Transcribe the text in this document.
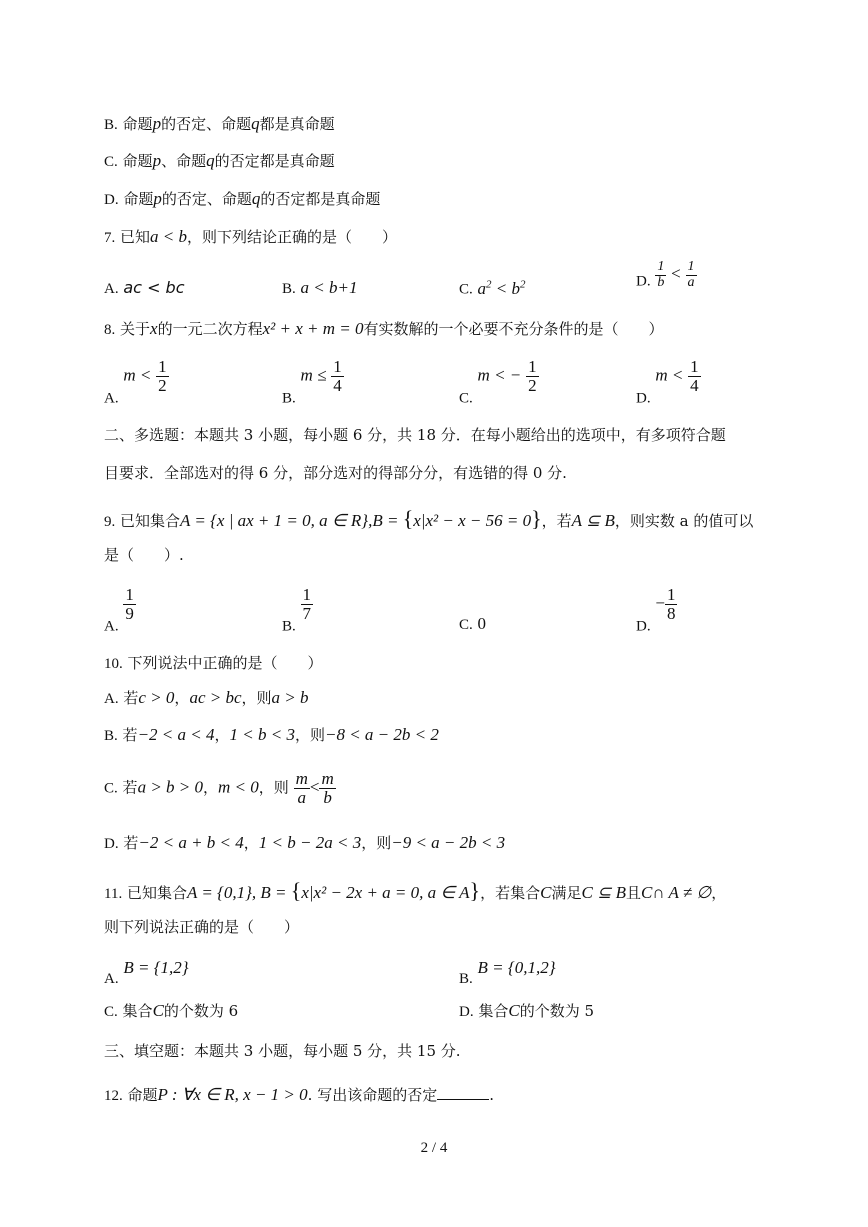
B. 命题p的否定、命题q都是真命题
C. 命题p、命题q的否定都是真命题
D. 命题p的否定、命题q的否定都是真命题
7. 已知a < b，则下列结论正确的是（　　）
A. ac < bc	B. a < b+1	C. $a^2 < b^2$	D. $\frac{1}{b} < \frac{1}{a}$
8. 关于x的一元二次方程x² + x + m = 0有实数解的一个必要不充分条件的是（　　）
A. $m < \frac{1}{2}$
B. $m \le \frac{1}{4}$
C. m < − $\frac{1}{2}$
D. $m < \frac{1}{4}$
二、多选题：本题共 3 小题，每小题 6 分，共 18 分．在每小题给出的选项中，有多项符合题
目要求．全部选对的得 6 分，部分选对的得部分分，有选错的得 0 分.
9. 已知集合A = {x | ax + 1 = 0, a ∈ R},B = {x|x² − x − 56 = 0}，若A ⊆ B，则实数 a 的值可以
是（　　）.
A.
$\frac{1}{9}$
B.
$\frac{1}{7}$
C. 0	D. − $\frac{1}{8}$
10. 下列说法中正确的是（　　）
A. 若c > 0，ac > bc，则a > b
B. 若−2 < a < 4，1 < b < 3，则−8 < a − 2b < 2
C. 若a > b > 0，m < 0，则 $\frac{m}{a} < \frac{m}{b}$
D. 若−2 < a + b < 4，1 < b − 2a < 3，则−9 < a − 2b < 3
11. 已知集合A = {0,1}, B = {x|x² − 2x + a = 0, a ∈ A}，若集合C满足C ⊆ B且C∩ A ≠ ∅，
则下列说法正确的是（　　）
A. B = {1,2}
B. B = {0,1,2}
C. 集合C的个数为 6	D. 集合C的个数为 5
三、填空题：本题共 3 小题，每小题 5 分，共 15 分.
12. 命题P : ∀x ∈ R, x − 1 > 0. 写出该命题的否定	.
2 / 4
